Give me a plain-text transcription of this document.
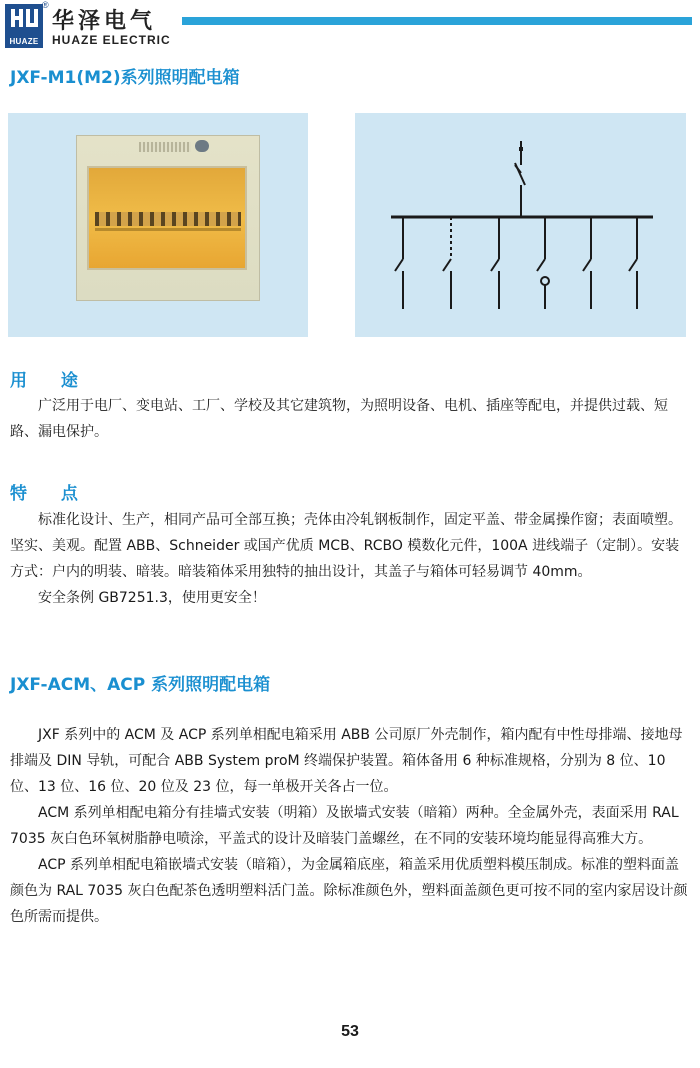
HUAZE
®
华泽电气
HUAZE ELECTRIC
JXF-M1(M2)系列照明配电箱
用 途
广泛用于电厂、变电站、工厂、学校及其它建筑物，为照明设备、电机、插座等配电，并提供过载、短路、漏电保护。
特 点
标准化设计、生产，相同产品可全部互换；壳体由冷轧钢板制作，固定平盖、带金属操作窗；表面喷塑。坚实、美观。配置 ABB、Schneider 或国产优质 MCB、RCBO 模数化元件，100A 进线端子（定制）。安装方式：户内的明装、暗装。暗装箱体采用独特的抽出设计，其盖子与箱体可轻易调节 40mm。
安全条例 GB7251.3，使用更安全！
JXF-ACM、ACP 系列照明配电箱
JXF 系列中的 ACM 及 ACP 系列单相配电箱采用 ABB 公司原厂外壳制作，箱内配有中性母排端、接地母排端及 DIN 导轨，可配合 ABB System proM 终端保护装置。箱体备用 6 种标准规格，分别为 8 位、10 位、13 位、16 位、20 位及 23 位，每一单极开关各占一位。
ACM 系列单相配电箱分有挂墙式安装（明箱）及嵌墙式安装（暗箱）两种。全金属外壳，表面采用 RAL 7035 灰白色环氧树脂静电喷涂，平盖式的设计及暗装门盖螺丝，在不同的安装环境均能显得高雅大方。
ACP 系列单相配电箱嵌墙式安装（暗箱），为金属箱底座，箱盖采用优质塑料模压制成。标准的塑料面盖颜色为 RAL 7035 灰白色配茶色透明塑料活门盖。除标准颜色外，塑料面盖颜色更可按不同的室内家居设计颜色所需而提供。
53
